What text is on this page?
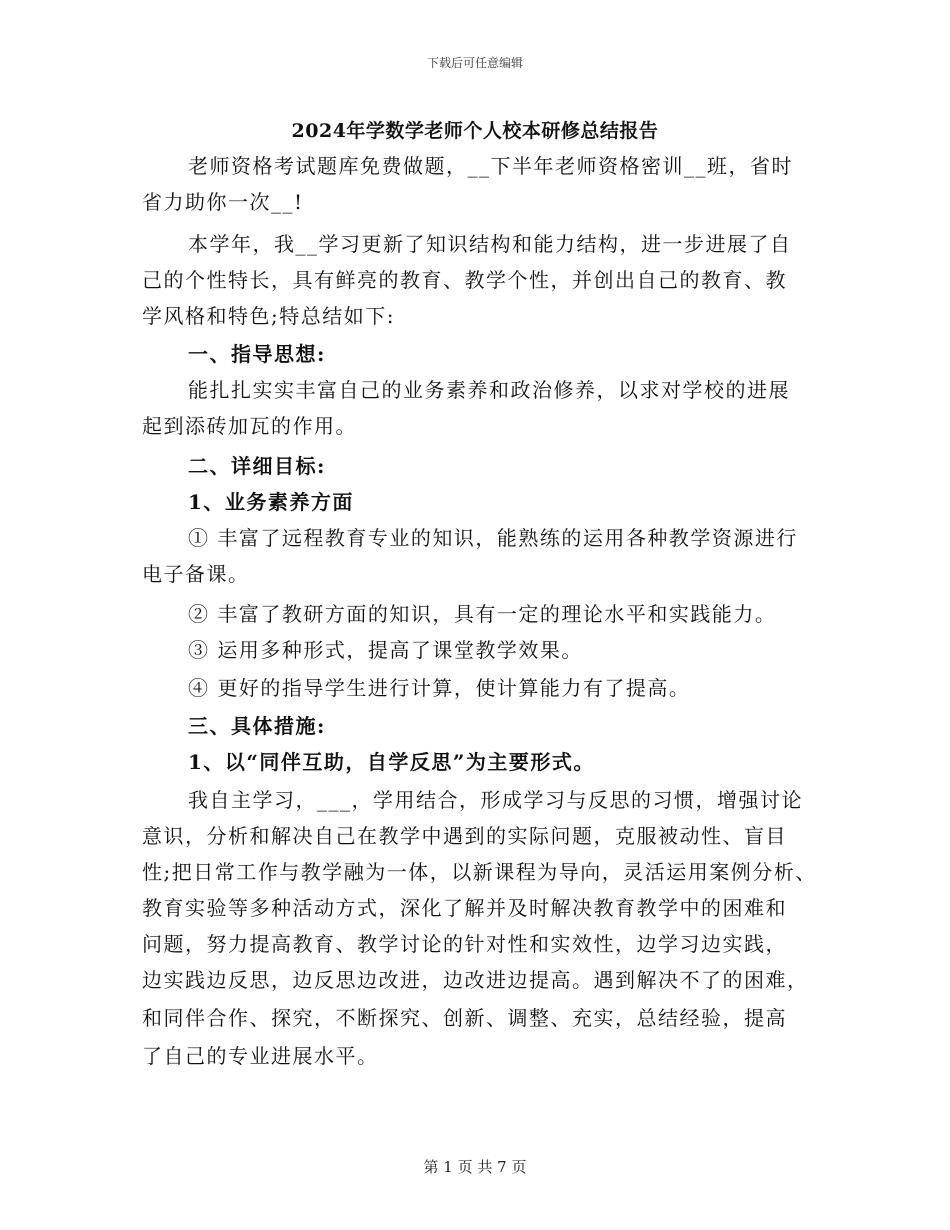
下载后可任意编辑
2024年学数学老师个人校本研修总结报告
老师资格考试题库免费做题，__下半年老师资格密训__班，省时
省力助你一次__!
本学年，我__学习更新了知识结构和能力结构，进一步进展了自
己的个性特长，具有鲜亮的教育、教学个性，并创出自己的教育、教
学风格和特色;特总结如下:
一、指导思想:
能扎扎实实丰富自己的业务素养和政治修养，以求对学校的进展
起到添砖加瓦的作用。
二、详细目标:
1、业务素养方面
① 丰富了远程教育专业的知识，能熟练的运用各种教学资源进行
电子备课。
② 丰富了教研方面的知识，具有一定的理论水平和实践能力。
③ 运用多种形式，提高了课堂教学效果。
④ 更好的指导学生进行计算，使计算能力有了提高。
三、具体措施:
1、以“同伴互助，自学反思”为主要形式。
我自主学习，___，学用结合，形成学习与反思的习惯，增强讨论
意识，分析和解决自己在教学中遇到的实际问题，克服被动性、盲目
性;把日常工作与教学融为一体，以新课程为导向，灵活运用案例分析、
教育实验等多种活动方式，深化了解并及时解决教育教学中的困难和
问题，努力提高教育、教学讨论的针对性和实效性，边学习边实践，
边实践边反思，边反思边改进，边改进边提高。遇到解决不了的困难，
和同伴合作、探究，不断探究、创新、调整、充实，总结经验，提高
了自己的专业进展水平。
第 1 页 共 7 页
